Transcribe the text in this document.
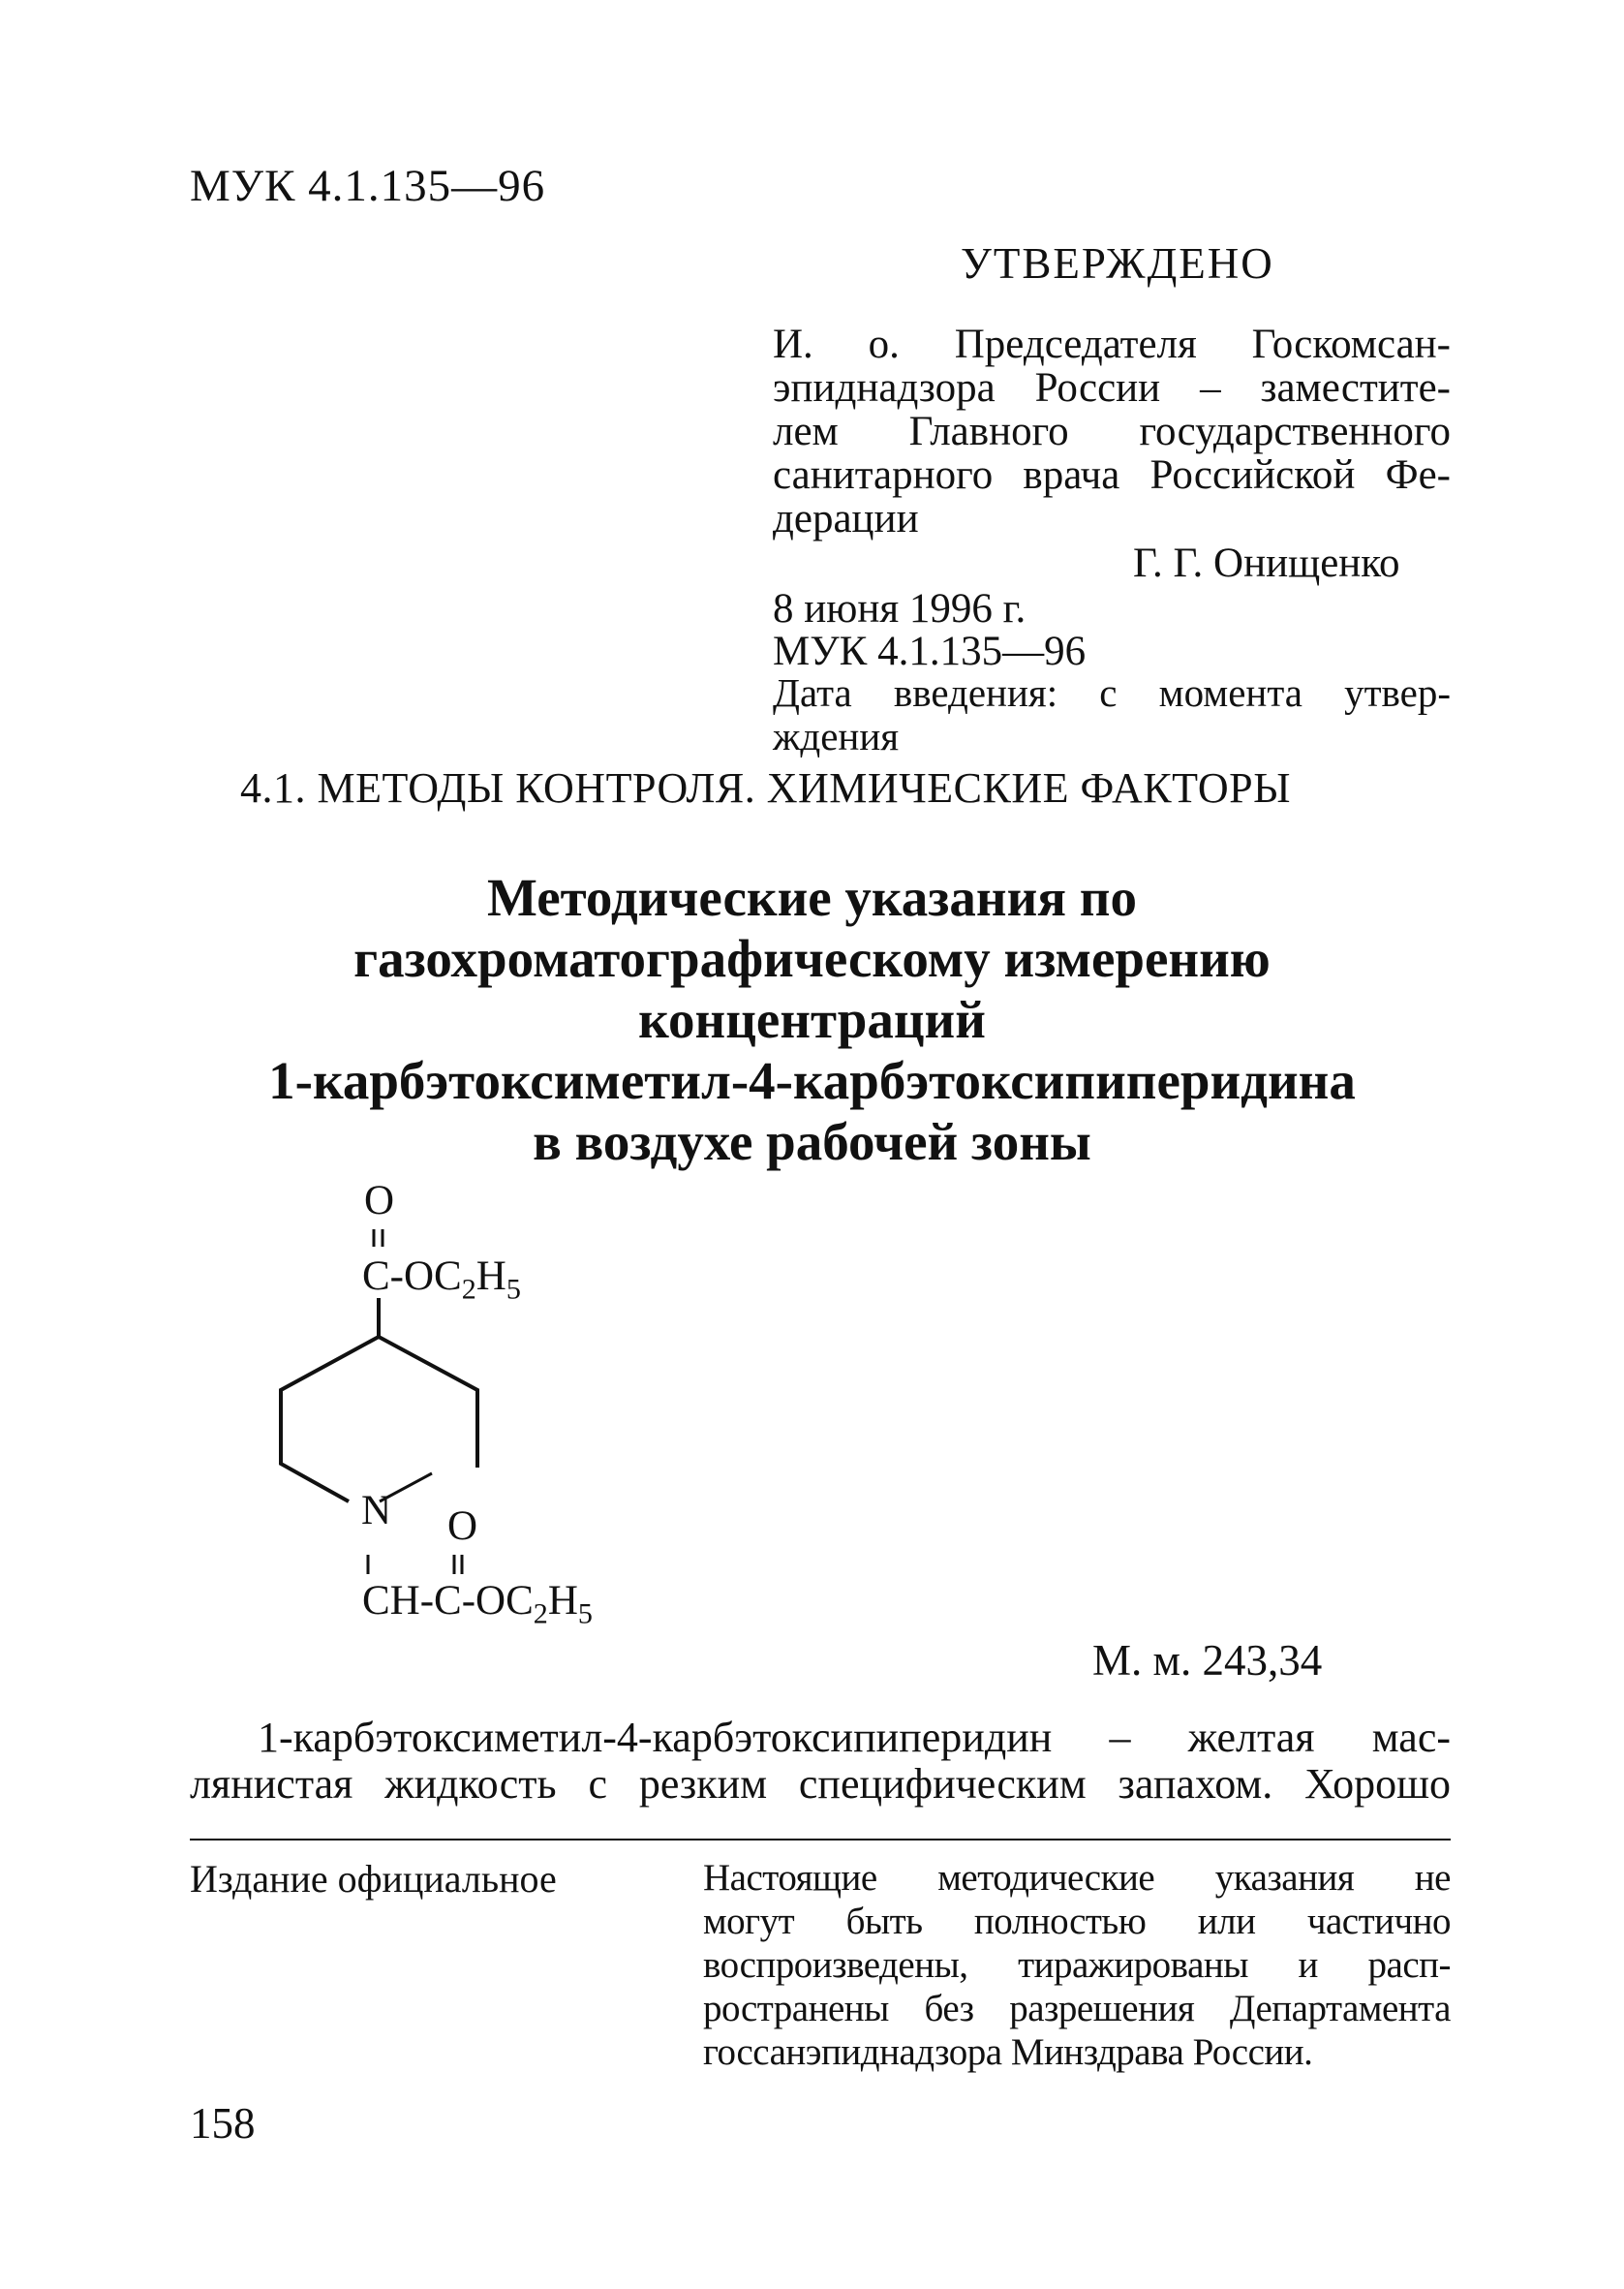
МУК 4.1.135—96
УТВЕРЖДЕНО
И. о. Председателя Госкомсан-
эпиднадзора России – заместите-
лем Главного государственного
санитарного врача Российской Фе-
дерации
Г. Г. Онищенко
8 июня 1996 г.
МУК 4.1.135—96
Дата введения: с момента утвер-
ждения
4.1. МЕТОДЫ КОНТРОЛЯ. ХИМИЧЕСКИЕ ФАКТОРЫ
Методические указания по
газохроматографическому измерению
концентраций
1-карбэтоксиметил-4-карбэтоксипиперидина
в воздухе рабочей зоны
O
$C-OC_2H_5$
N O
$CH-C-OC_2H_5$
М. м. 243,34
1-карбэтоксиметил-4-карбэтоксипиперидин – желтая мас-
лянистая жидкость с резким специфическим запахом. Хорошо
Издание официальное	Настоящие методические указания не
могут быть полностью или частично
воспроизведены, тиражированы и расп-
ространены без разрешения Департамента
госсанэпиднадзора Минздрава России.
158
